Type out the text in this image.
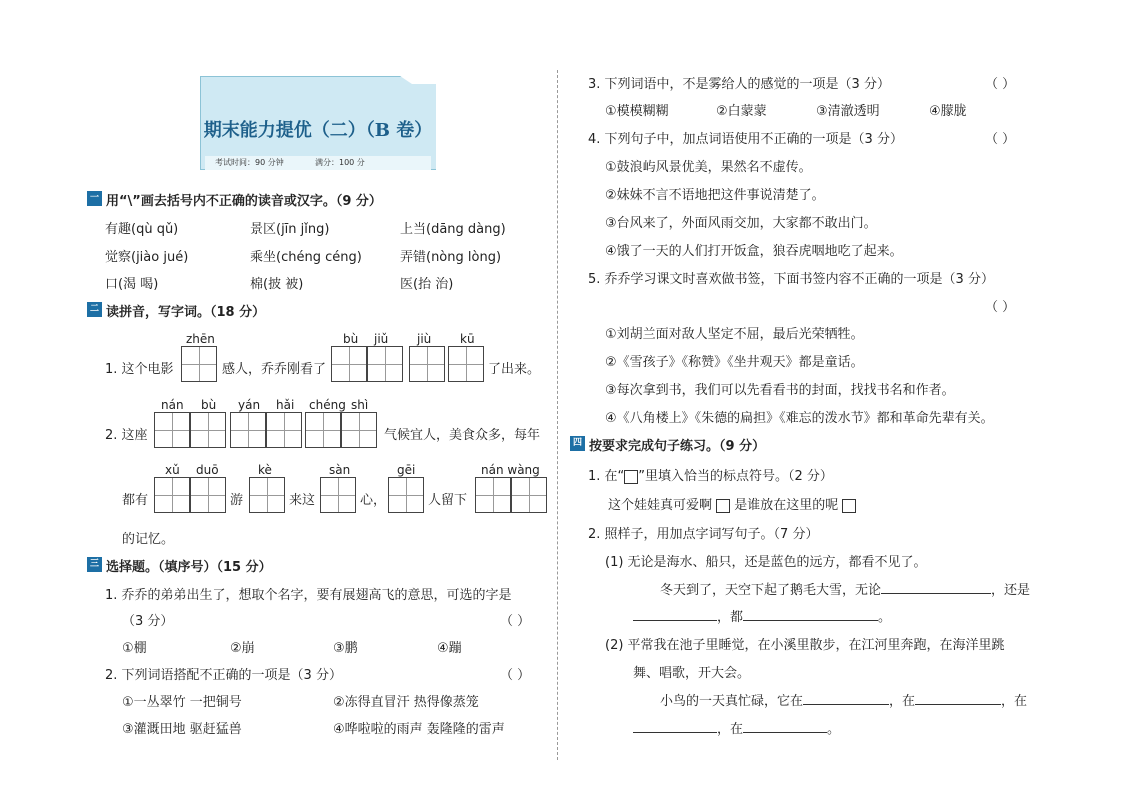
期末能力提优（二）（B 卷）
考试时间：90 分钟	满分：100 分
一 用“\”画去括号内不正确的读音或汉字。（9 分）
有趣(qù qǔ)	景区(jīn jǐng)	上当(dāng dàng)
觉察(jiào jué)	乘坐(chéng céng)	弄错(nòng lòng)
口(渴 喝)	棉(披 被)	医(抬 治)
二 读拼音，写字词。（18 分）
zhēn	bù jiǔ jiù kū
1. 这个电影	感人，乔乔刚看了	了出来。
nán bù yán hǎi chéng shì
2. 这座	气候宜人，美食众多，每年
xǔ duō	kè	sàn	gēi	nán wàng
都有	游	来这	心，	人留下
的记忆。
三 选择题。（填序号）（15 分）
1. 乔乔的弟弟出生了，想取个名字，要有展翅高飞的意思，可选的字是
（3 分）	（ ）
①棚	②崩	③鹏	④蹦
2. 下列词语搭配不正确的一项是（3 分）	（ ）
①一丛翠竹 一把铜号	②冻得直冒汗 热得像蒸笼
③灌溉田地 驱赶猛兽	④哗啦啦的雨声 轰隆隆的雷声
3. 下列词语中，不是雾给人的感觉的一项是（3 分）	（ ）
①模模糊糊	②白蒙蒙	③清澈透明	④朦胧
4. 下列句子中，加点词语使用不正确的一项是（3 分）	（ ）
①鼓浪屿风景优美，果然名不虚传。
②妹妹不言不语地把这件事说清楚了。
③台风来了，外面风雨交加，大家都不敢出门。
④饿了一天的人们打开饭盒，狼吞虎咽地吃了起来。
5. 乔乔学习课文时喜欢做书签，下面书签内容不正确的一项是（3 分）
（ ）
①刘胡兰面对敌人坚定不屈，最后光荣牺牲。
②《雪孩子》《称赞》《坐井观天》都是童话。
③每次拿到书，我们可以先看看书的封面，找找书名和作者。
④《八角楼上》《朱德的扁担》《难忘的泼水节》都和革命先辈有关。
四 按要求完成句子练习。（9 分）
1. 在“ ”里填入恰当的标点符号。（2 分）
这个娃娃真可爱啊 是谁放在这里的呢
2. 照样子，用加点字词写句子。（7 分）
(1) 无论是海水、船只，还是蓝色的远方，都看不见了。
冬天到了，天空下起了鹅毛大雪，无论	，还是
，都	。
(2) 平常我在池子里睡觉，在小溪里散步，在江河里奔跑，在海洋里跳
舞、唱歌，开大会。
小鸟的一天真忙碌，它在	，在	，在
，在	。
